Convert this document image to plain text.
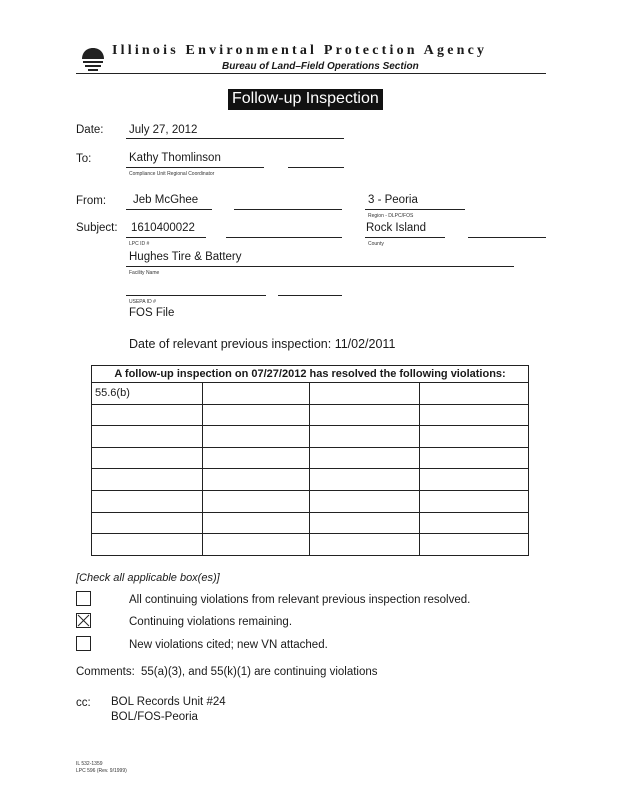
Illinois Environmental Protection Agency
Bureau of Land–Field Operations Section
Follow-up Inspection
Date: July 27, 2012
To:	Kathy Thomlinson
Compliance Unit Regional Coordinator
From: Jeb McGhee	3 - Peoria
Region - DLPC/FOS
Subject: 1610400022
LPC ID #
Rock Island
County
Hughes Tire & Battery
Facility Name
USEPA ID #
FOS File
Date of relevant previous inspection: 11/02/2011
A follow-up inspection on 07/27/2012 has resolved the following violations:			
55.6(b)			

[Check all applicable box(es)]
All continuing violations from relevant previous inspection resolved.
Continuing violations remaining.
New violations cited; new VN attached.
Comments: 55(a)(3), and 55(k)(1) are continuing violations
cc: BOL Records Unit #24
BOL/FOS-Peoria
IL 532-1359
LPC 596 (Rev. 9/1999)
